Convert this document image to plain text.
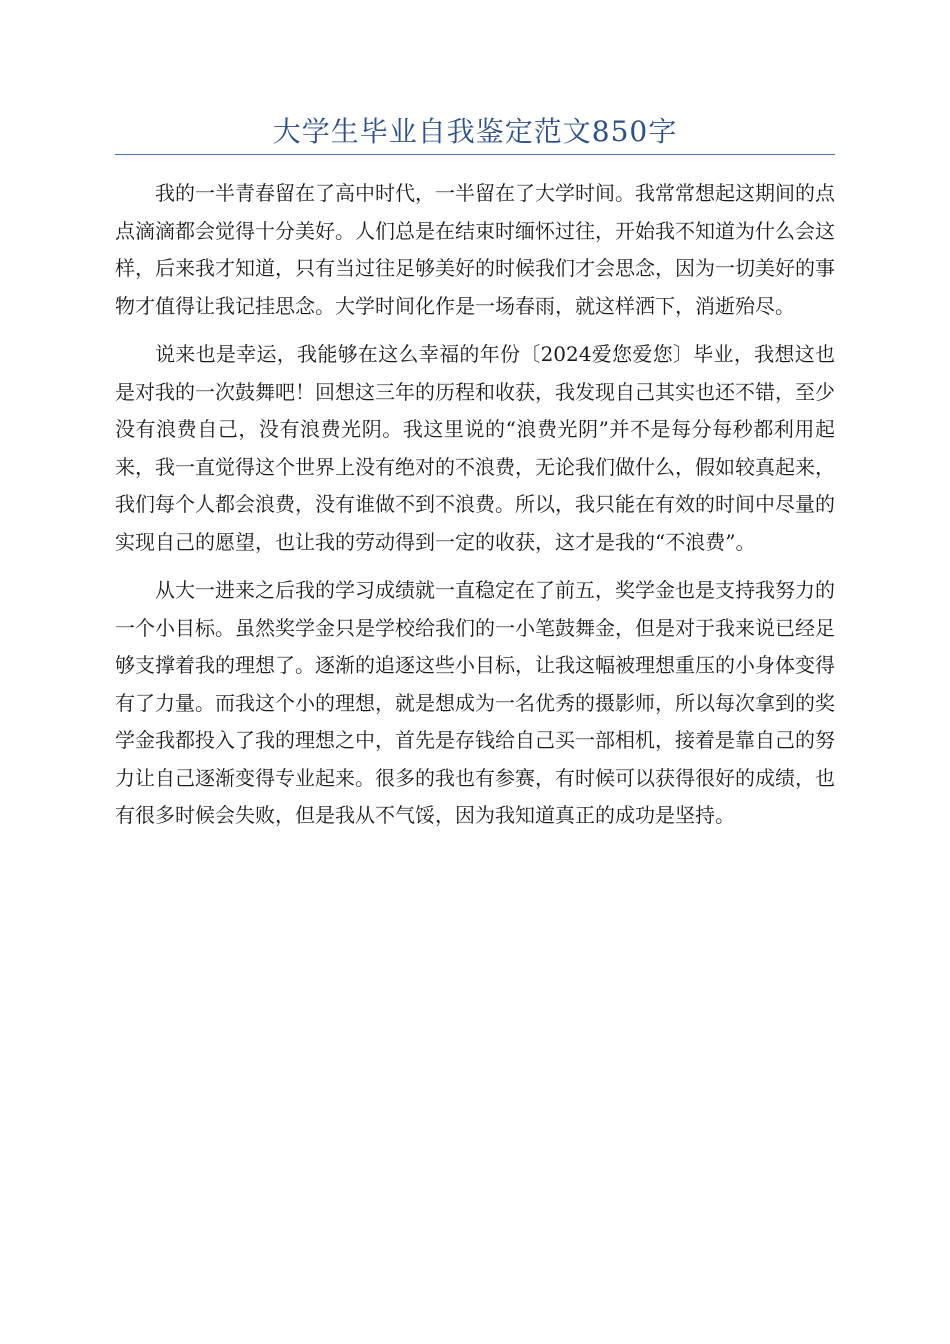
大学生毕业自我鉴定范文850字

我的一半青春留在了高中时代，一半留在了大学时间。我常常想起这期间的点点滴滴都会觉得十分美好。人们总是在结束时缅怀过往，开始我不知道为什么会这样，后来我才知道，只有当过往足够美好的时候我们才会思念，因为一切美好的事物才值得让我记挂思念。大学时间化作是一场春雨，就这样洒下，消逝殆尽。

说来也是幸运，我能够在这么幸福的年份〔2024爱您爱您〕毕业，我想这也是对我的一次鼓舞吧！回想这三年的历程和收获，我发现自己其实也还不错，至少没有浪费自己，没有浪费光阴。我这里说的“浪费光阴”并不是每分每秒都利用起来，我一直觉得这个世界上没有绝对的不浪费，无论我们做什么，假如较真起来，我们每个人都会浪费，没有谁做不到不浪费。所以，我只能在有效的时间中尽量的实现自己的愿望，也让我的劳动得到一定的收获，这才是我的“不浪费”。

从大一进来之后我的学习成绩就一直稳定在了前五，奖学金也是支持我努力的一个小目标。虽然奖学金只是学校给我们的一小笔鼓舞金，但是对于我来说已经足够支撑着我的理想了。逐渐的追逐这些小目标，让我这幅被理想重压的小身体变得有了力量。而我这个小的理想，就是想成为一名优秀的摄影师，所以每次拿到的奖学金我都投入了我的理想之中，首先是存钱给自己买一部相机，接着是靠自己的努力让自己逐渐变得专业起来。很多的我也有参赛，有时候可以获得很好的成绩，也有很多时候会失败，但是我从不气馁，因为我知道真正的成功是坚持。
